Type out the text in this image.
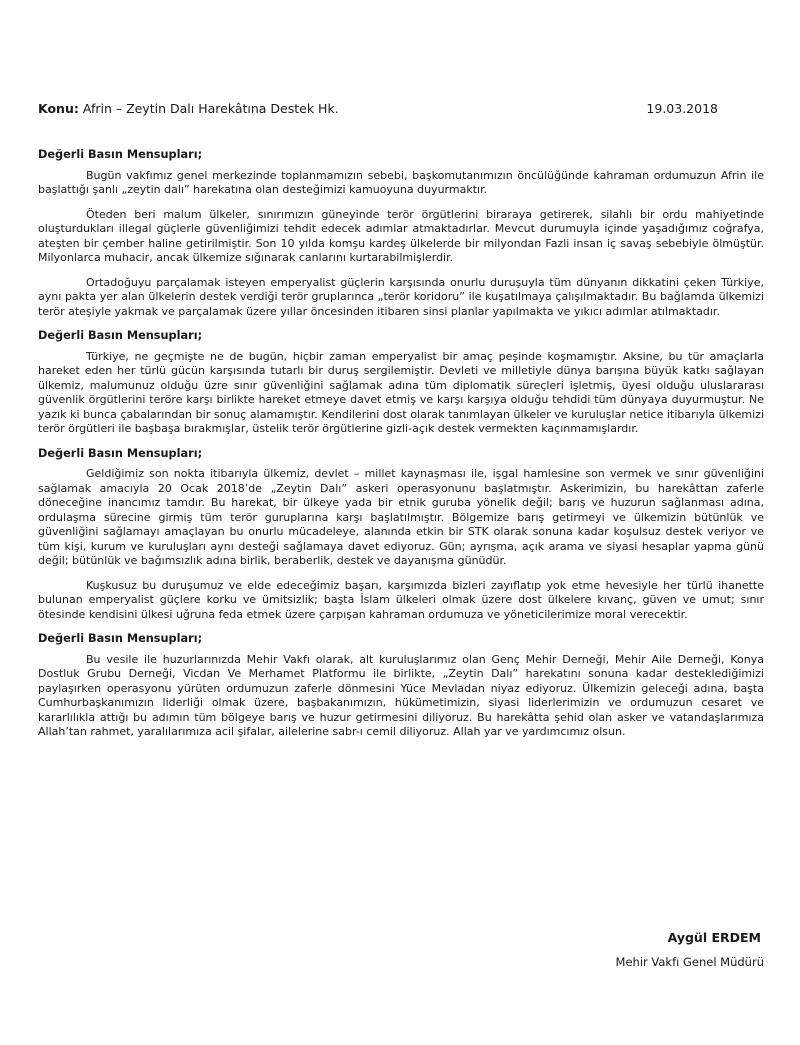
Konu: Afrin – Zeytin Dalı Harekâtına Destek Hk.	19.03.2018
Değerli Basın Mensupları;

Bugün vakfımız genel merkezinde toplanmamızın sebebi, başkomutanımızın öncülüğünde kahraman ordumuzun Afrin ile başlattığı şanlı „zeytin dalı” harekatına olan desteğimizi kamuoyuna duyurmaktır.

Öteden beri malum ülkeler, sınırımızın güneyinde terör örgütlerini biraraya getirerek, silahlı bir ordu mahiyetinde oluşturdukları illegal güçlerle güvenliğimizi tehdit edecek adımlar atmaktadırlar. Mevcut durumuyla içinde yaşadığımız coğrafya, ateşten bir çember haline getirilmiştir. Son 10 yılda komşu kardeş ülkelerde bir milyondan Fazli insan iç savaş sebebiyle ölmüştür. Milyonlarca muhacir, ancak ülkemize sığınarak canlarını kurtarabilmişlerdir.

Ortadoğuyu parçalamak isteyen emperyalist güçlerin karşısında onurlu duruşuyla tüm dünyanın dikkatini çeken Türkiye, aynı pakta yer alan ülkelerin destek verdiği terör gruplarınca „terör koridoru” ile kuşatılmaya çalışılmaktadır. Bu bağlamda ülkemizi terör ateşiyle yakmak ve parçalamak üzere yıllar öncesinden itibaren sinsi planlar yapılmakta ve yıkıcı adımlar atılmaktadır.

Değerli Basın Mensupları;

Türkiye, ne geçmişte ne de bugün, hiçbir zaman emperyalist bir amaç peşinde koşmamıştır. Aksine, bu tür amaçlarla hareket eden her türlü gücün karşısında tutarlı bir duruş sergilemiştir. Devleti ve milletiyle dünya barışına büyük katkı sağlayan ülkemiz, malumunuz olduğu üzre sınır güvenliğini sağlamak adına tüm diplomatik süreçleri işletmiş, üyesi olduğu uluslararası güvenlik örgütlerini teröre karşı birlikte hareket etmeye davet etmiş ve karşı karşıya olduğu tehdidi tüm dünyaya duyurmuştur. Ne yazık ki bunca çabalarından bir sonuç alamamıştır. Kendilerini dost olarak tanımlayan ülkeler ve kuruluşlar netice itibarıyla ülkemizi terör örgütleri ile başbaşa bırakmışlar, üstelik terör örgütlerine gizli-açık destek vermekten kaçınmamışlardır.

Değerli Basın Mensupları;

Geldiğimiz son nokta itibarıyla ülkemiz, devlet – millet kaynaşması ile, işgal hamlesine son vermek ve sınır güvenliğini sağlamak amacıyla 20 Ocak 2018’de „Zeytin Dalı” askeri operasyonunu başlatmıştır. Askerimizin, bu harekâttan zaferle döneceğine inancımız tamdır. Bu harekat, bir ülkeye yada bir etnik guruba yönelik değil; barış ve huzurun sağlanması adına, ordulaşma sürecine girmiş tüm terör guruplarına karşı başlatılmıştır. Bölgemize barış getirmeyi ve ülkemizin bütünlük ve güvenliğini sağlamayı amaçlayan bu onurlu mücadeleye, alanında etkin bir STK olarak sonuna kadar koşulsuz destek veriyor ve tüm kişi, kurum ve kuruluşları aynı desteği sağlamaya davet ediyoruz. Gün; ayrışma, açık arama ve siyasi hesaplar yapma günü değil; bütünlük ve bağımsızlık adına birlik, beraberlik, destek ve dayanışma günüdür.

Kuşkusuz bu duruşumuz ve elde edeceğimiz başarı, karşımızda bizleri zayıflatıp yok etme hevesiyle her türlü ihanette bulunan emperyalist güçlere korku ve ümitsizlik; başta İslam ülkeleri olmak üzere dost ülkelere kıvanç, güven ve umut; sınır ötesinde kendisini ülkesi uğruna feda etmek üzere çarpışan kahraman ordumuza ve yöneticilerimize moral verecektir.

Değerli Basın Mensupları;

Bu vesile ile huzurlarınızda Mehir Vakfı olarak, alt kuruluşlarımız olan Genç Mehir Derneği, Mehir Aile Derneği, Konya Dostluk Grubu Derneği, Vicdan Ve Merhamet Platformu ile birlikte, „Zeytin Dalı” harekatını sonuna kadar desteklediğimizi paylaşırken operasyonu yürüten ordumuzun zaferle dönmesini Yüce Mevladan niyaz ediyoruz. Ülkemizin geleceği adına, başta Cumhurbaşkanımızın liderliği olmak üzere, başbakanımızın, hükümetimizin, siyasi liderlerimizin ve ordumuzun cesaret ve kararlılıkla attığı bu adımın tüm bölgeye barış ve huzur getirmesini diliyoruz. Bu harekâtta şehid olan asker ve vatandaşlarımıza Allah’tan rahmet, yaralılarımıza acil şifalar, ailelerine sabr-ı cemil diliyoruz. Allah yar ve yardımcımız olsun.

Aygül ERDEM
Mehir Vakfı Genel Müdürü
